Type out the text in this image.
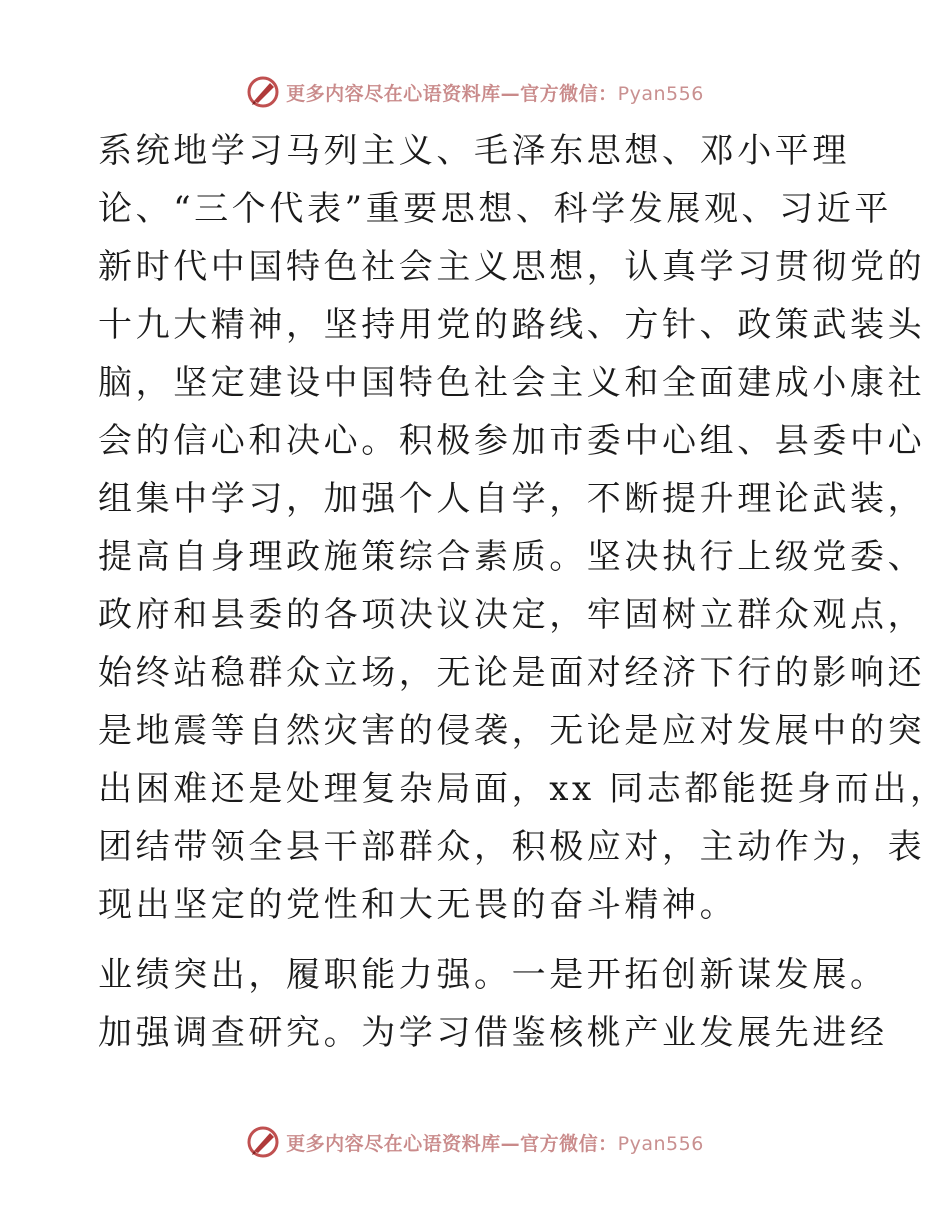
更多内容尽在心语资料库—官方微信：Pyan556
系统地学习马列主义、毛泽东思想、邓小平理
论、“三个代表”重要思想、科学发展观、习近平
新时代中国特色社会主义思想，认真学习贯彻党的
十九大精神，坚持用党的路线、方针、政策武装头
脑，坚定建设中国特色社会主义和全面建成小康社
会的信心和决心。积极参加市委中心组、县委中心
组集中学习，加强个人自学，不断提升理论武装，
提高自身理政施策综合素质。坚决执行上级党委、
政府和县委的各项决议决定，牢固树立群众观点，
始终站稳群众立场，无论是面对经济下行的影响还
是地震等自然灾害的侵袭，无论是应对发展中的突
出困难还是处理复杂局面，xx 同志都能挺身而出，
团结带领全县干部群众，积极应对，主动作为，表
现出坚定的党性和大无畏的奋斗精神。
业绩突出，履职能力强。一是开拓创新谋发展。
加强调查研究。为学习借鉴核桃产业发展先进经
更多内容尽在心语资料库—官方微信：Pyan556
